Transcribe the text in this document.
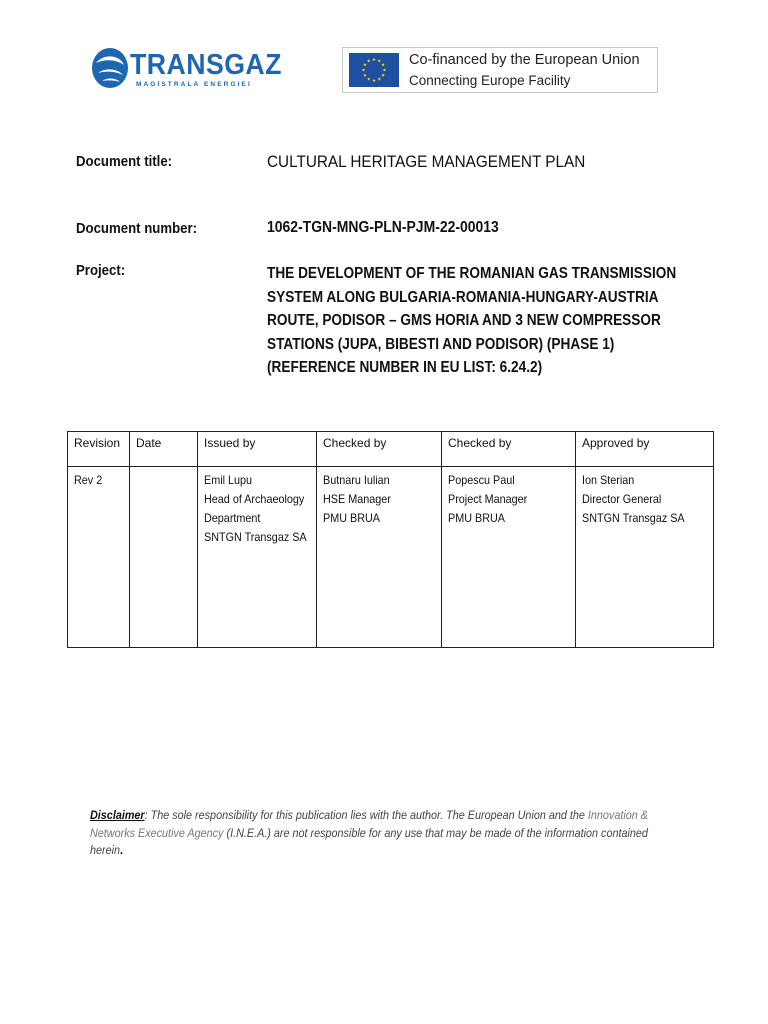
TRANSGAZ
MAGISTRALA ENERGIEI
Co-financed by the European Union
Connecting Europe Facility
Document title:	CULTURAL HERITAGE MANAGEMENT PLAN
Document number:	1062-TGN-MNG-PLN-PJM-22-00013
Project:	THE DEVELOPMENT OF THE ROMANIAN GAS TRANSMISSION
SYSTEM ALONG BULGARIA-ROMANIA-HUNGARY-AUSTRIA
ROUTE, PODISOR – GMS HORIA AND 3 NEW COMPRESSOR
STATIONS (JUPA, BIBESTI AND PODISOR) (PHASE 1)
(REFERENCE NUMBER IN EU LIST: 6.24.2)
Revision	Date	Issued by	Checked by	Checked by	Approved by

Rev 2		Emil Lupu
Head of Archaeology
Department
SNTGN Transgaz SA	Butnaru Iulian
HSE Manager
PMU BRUA	Popescu Paul
Project Manager
PMU BRUA	Ion Sterian
Director General
SNTGN Transgaz SA
Disclaimer: The sole responsibility for this publication lies with the author. The European Union and the Innovation &
Networks Executive Agency (I.N.E.A.) are not responsible for any use that may be made of the information contained
herein.
